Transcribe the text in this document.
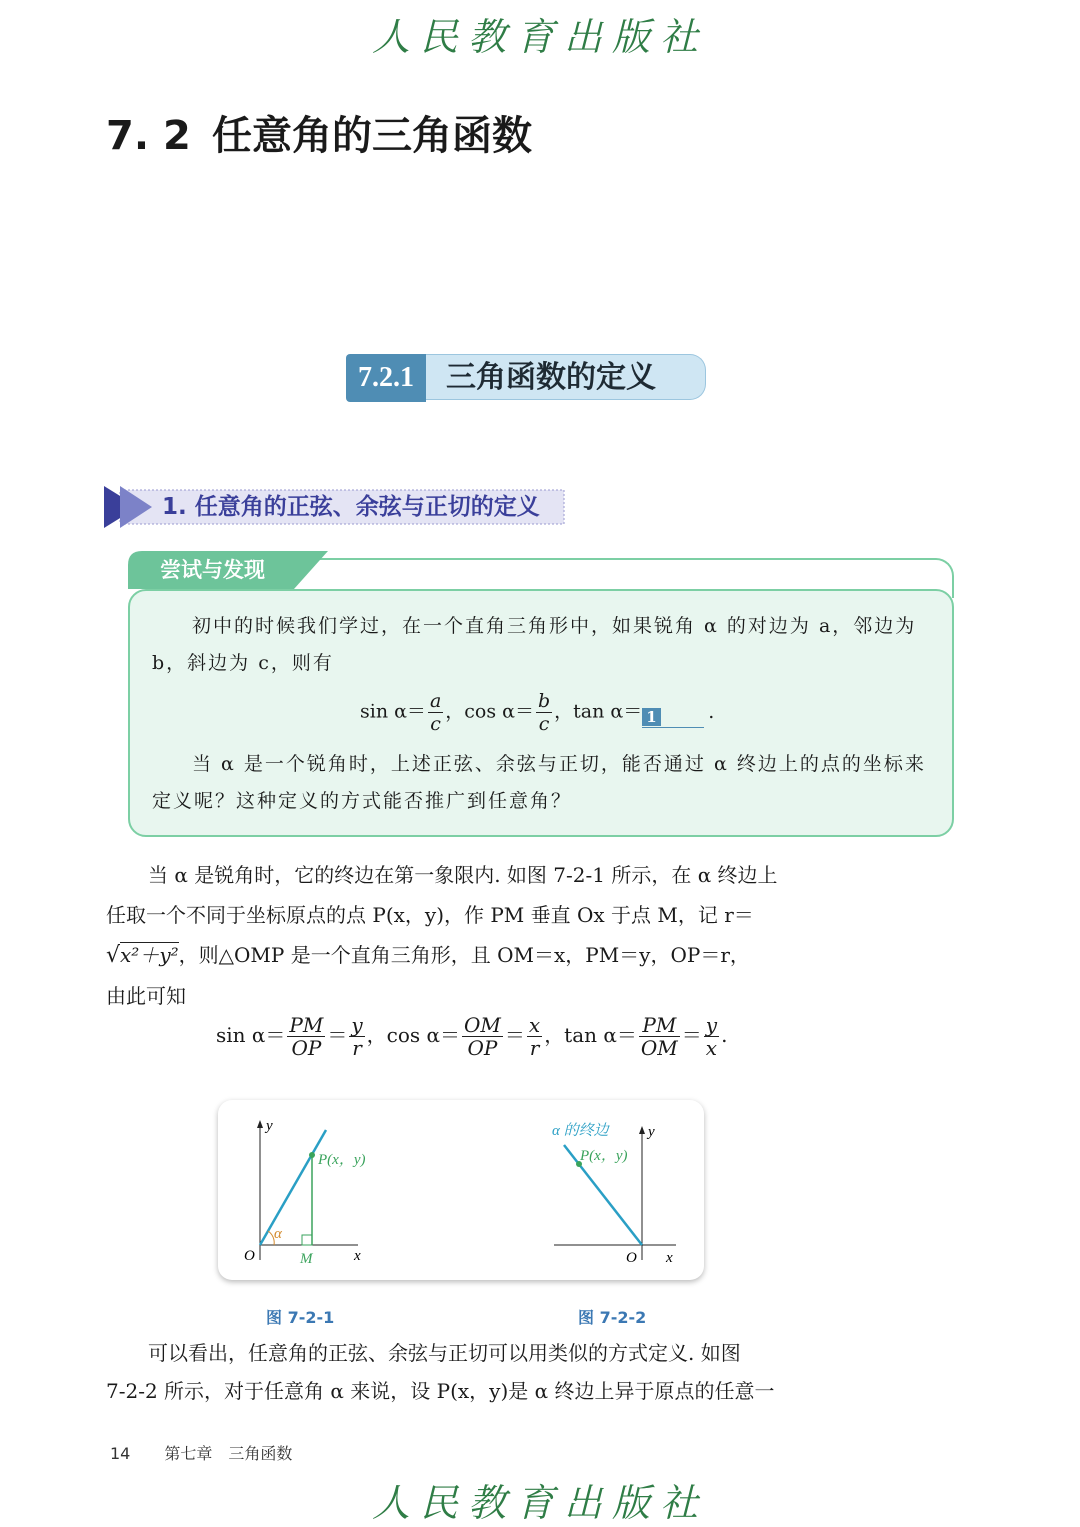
人民教育出版社
7. 2 任意角的三角函数
7.2.1	三角函数的定义
1. 任意角的正弦、余弦与正切的定义
尝试与发现
初中的时候我们学过，在一个直角三角形中，如果锐角 α 的对边为 a，邻边为 b，斜边为 c，则有
$\sin \alpha= \frac{a}{c}$ ，$\cos \alpha= \frac{b}{c}$ ，tan α＝ 1	.
当 α 是一个锐角时，上述正弦、余弦与正切，能否通过 α 终边上的点的坐标来定义呢？这种定义的方式能否推广到任意角？
当 α 是锐角时，它的终边在第一象限内. 如图 7-2-1 所示，在 α 终边上
任取一个不同于坐标原点的点 P(x，y)，作 PM 垂直 Ox 于点 M，记 r＝
√x²＋y²，则△OMP 是一个直角三角形，且 OM＝x，PM＝y，OP＝r，
由此可知
$\sin \alpha= \frac{PM}{OP} = \frac{y}{r}$ ，$\cos \alpha= \frac{OM}{OP} = \frac{x}{r}$ ，$\tan \alpha= \frac{PM}{OM} = \frac{y}{x}$ .
y
x
O	M
P(x，y)
α
α 的终边	y
x
O
P(x，y)
图 7-2-1	图 7-2-2
可以看出，任意角的正弦、余弦与正切可以用类似的方式定义. 如图
7-2-2 所示，对于任意角 α 来说，设 P(x，y)是 α 终边上异于原点的任意一
14 第七章　三角函数
人民教育出版社
